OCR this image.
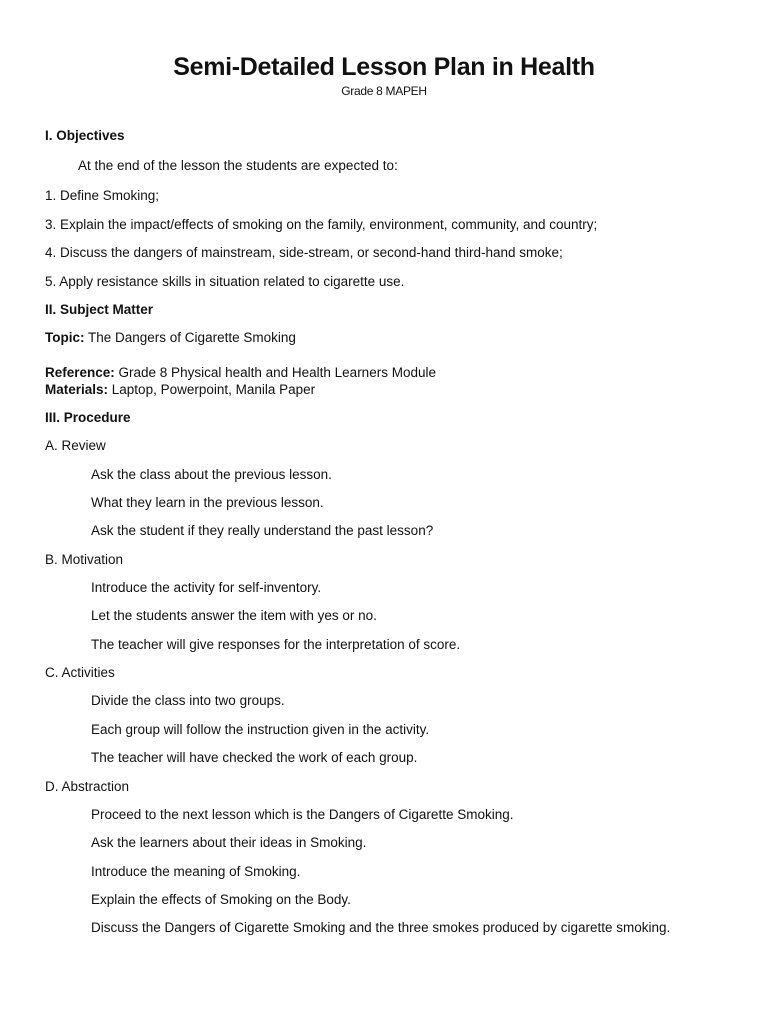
Semi-Detailed Lesson Plan in Health
Grade 8 MAPEH
I. Objectives
At the end of the lesson the students are expected to:
1. Define Smoking;
3. Explain the impact/effects of smoking on the family, environment, community, and country;
4. Discuss the dangers of mainstream, side-stream, or second-hand third-hand smoke;
5. Apply resistance skills in situation related to cigarette use.
II. Subject Matter
Topic: The Dangers of Cigarette Smoking
Reference: Grade 8 Physical health and Health Learners Module
Materials: Laptop, Powerpoint, Manila Paper
III. Procedure
A. Review
Ask the class about the previous lesson.
What they learn in the previous lesson.
Ask the student if they really understand the past lesson?
B. Motivation
Introduce the activity for self-inventory.
Let the students answer the item with yes or no.
The teacher will give responses for the interpretation of score.
C. Activities
Divide the class into two groups.
Each group will follow the instruction given in the activity.
The teacher will have checked the work of each group.
D. Abstraction
Proceed to the next lesson which is the Dangers of Cigarette Smoking.
Ask the learners about their ideas in Smoking.
Introduce the meaning of Smoking.
Explain the effects of Smoking on the Body.
Discuss the Dangers of Cigarette Smoking and the three smokes produced by cigarette smoking.
